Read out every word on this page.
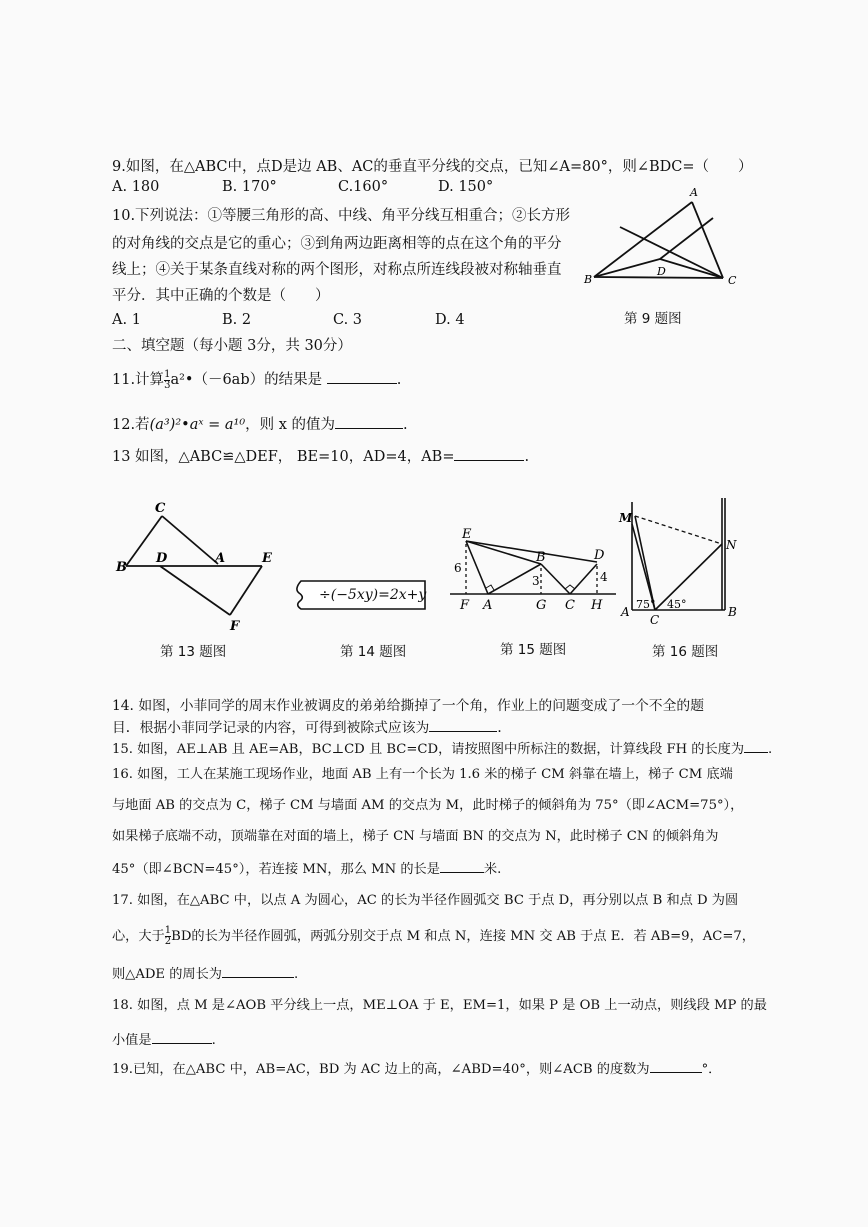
9.如图，在△ABC中，点D是边 AB、AC的垂直平分线的交点，已知∠A=80°，则∠BDC=（　　）
A. 180	B. 170°	C.160°	D. 150°
10.下列说法：①等腰三角形的高、中线、角平分线互相重合；②长方形
的对角线的交点是它的重心；③到角两边距离相等的点在这个角的平分
线上；④关于某条直线对称的两个图形，对称点所连线段被对称轴垂直
平分．其中正确的个数是（　　）
A. 1	B. 2	C. 3	D. 4
A
B	C
D
第 9 题图
二、填空题（每小题 3分，共 30分）
11.计算 $\frac{1}{3}$ a²•（－6ab）的结果是	.
12.若(a³)²•aˣ = a¹⁰，则 x 的值为	.
13 如图，△ABC≌△DEF， BE=10，AD=4，AB=	.
C
B
D	A	E
F
第 13 题图
÷(−5xy)=2x+y
第 14 题图
E
B	D
6
3	4
F A	G C H
第 15 题图
M
N
A
C
B
75° 45°
第 16 题图
14. 如图，小菲同学的周末作业被调皮的弟弟给撕掉了一个角，作业上的问题变成了一个不全的题
目．根据小菲同学记录的内容，可得到被除式应该为	．
15. 如图，AE⊥AB 且 AE=AB，BC⊥CD 且 BC=CD，请按照图中所标注的数据，计算线段 FH 的长度为 .
16. 如图，工人在某施工现场作业，地面 AB 上有一个长为 1.6 米的梯子 CM 斜靠在墙上，梯子 CM 底端
与地面 AB 的交点为 C，梯子 CM 与墙面 AM 的交点为 M，此时梯子的倾斜角为 75°（即∠ACM=75°），
如果梯子底端不动，顶端靠在对面的墙上，梯子 CN 与墙面 BN 的交点为 N，此时梯子 CN 的倾斜角为
45°（即∠BCN=45°），若连接 MN，那么 MN 的长是	米.
17. 如图，在△ABC 中，以点 A 为圆心，AC 的长为半径作圆弧交 BC 于点 D，再分别以点 B 和点 D 为圆
心，大于 $\frac{1}{2}$ BD的长为半径作圆弧，两弧分别交于点 M 和点 N，连接 MN 交 AB 于点 E．若 AB=9，AC=7，
则△ADE 的周长为	.
18. 如图，点 M 是∠AOB 平分线上一点，ME⊥OA 于 E，EM=1，如果 P 是 OB 上一动点，则线段 MP 的最
小值是	.
19.已知，在△ABC 中，AB=AC，BD 为 AC 边上的高，∠ABD=40°，则∠ACB 的度数为	°．
